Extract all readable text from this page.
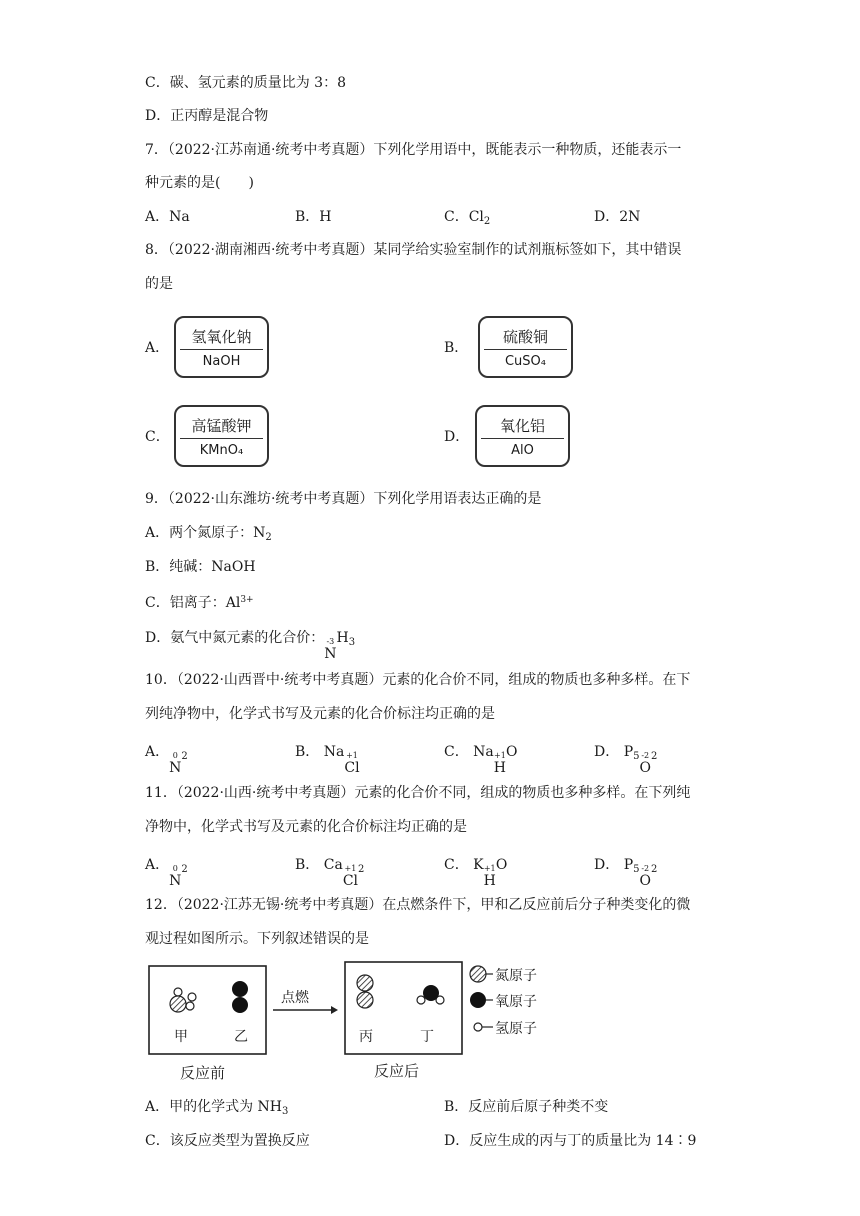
C．碳、氢元素的质量比为 3：8
D．正丙醇是混合物
7．（2022·江苏南通·统考中考真题）下列化学用语中，既能表示一种物质，还能表示一
种元素的是(　　)
A．Na	B．H	C．$Cl_2$	D．2N
8．（2022·湖南湘西·统考中考真题）某同学给实验室制作的试剂瓶标签如下，其中错误
的是
A．
氢氧化钠
NaOH
B．
硫酸铜
CuSO₄
C．
高锰酸钾
KMnO₄
D．
氧化铝
AlO
9．（2022·山东潍坊·统考中考真题）下列化学用语表达正确的是
A．两个氮原子：$N_2$
B．纯碱：NaOH
C．铝离子：$Al^{3+}$
D．氨气中氮元素的化合价： -3
N
$H_3$
10．（2022·山西晋中·统考中考真题）元素的化合价不同，组成的物质也多种多样。在下
列纯净物中，化学式书写及元素的化合价标注均正确的是
A． 0
N
$_2$	B． Na +1
Cl
C． Na +1
H
O	D． $P_5$ -2
O
$_2$
11．（2022·山西·统考中考真题）元素的化合价不同，组成的物质也多种多样。在下列纯
净物中，化学式书写及元素的化合价标注均正确的是
A． 0
N
$_2$	B． Ca +1
Cl
$_2$	C． K +1
H
O	D． $P_5$ -2
O
$_2$
12．（2022·江苏无锡·统考中考真题）在点燃条件下，甲和乙反应前后分子种类变化的微
观过程如图所示。下列叙述错误的是
甲	乙
点燃
丙	丁
氮原子
氧原子
氢原子
反应前	反应后
A．甲的化学式为 $NH_3$	B．反应前后原子种类不变
C．该反应类型为置换反应	D．反应生成的丙与丁的质量比为 14∶9
